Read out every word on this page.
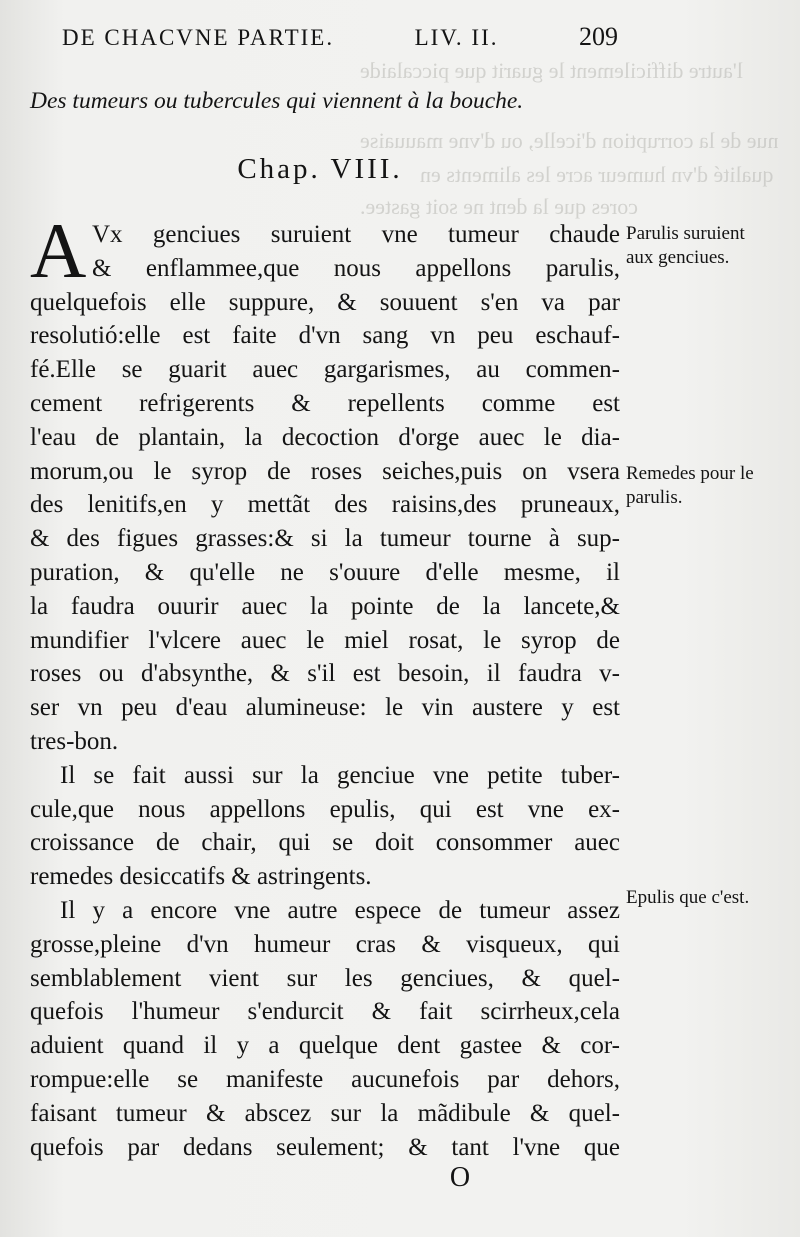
l'autre difficilement le guarit que piccalaide
nue de la corruption d'icelle, ou d'vne mauuaise
qualité d'vn humeur acre les aliments en
cores que la dent ne soit gastee.
DE CHACVNE PARTIE.	LIV. II.	209
Des tumeurs ou tubercules qui viennent à la bouche.
Chap. VIII.
A Vx genciues suruient vne tumeur chaude
& enflammee,que nous appellons parulis,
quelquefois elle suppure, & souuent s'en va par
resolutió:elle est faite d'vn sang vn peu eschauf-
fé.Elle se guarit auec gargarismes, au commen-
cement refrigerents & repellents comme est
l'eau de plantain, la decoction d'orge auec le dia-
morum,ou le syrop de roses seiches,puis on vsera
des lenitifs,en y mettãt des raisins,des pruneaux,
& des figues grasses:& si la tumeur tourne à sup-
puration, & qu'elle ne s'ouure d'elle mesme, il
la faudra ouurir auec la pointe de la lancete,&
mundifier l'vlcere auec le miel rosat, le syrop de
roses ou d'absynthe, & s'il est besoin, il faudra v-
ser vn peu d'eau alumineuse: le vin austere y est
tres-bon.
Il se fait aussi sur la genciue vne petite tuber-
cule,que nous appellons epulis, qui est vne ex-
croissance de chair, qui se doit consommer auec
remedes desiccatifs & astringents.
Il y a encore vne autre espece de tumeur assez
grosse,pleine d'vn humeur cras & visqueux, qui
semblablement vient sur les genciues, & quel-
quefois l'humeur s'endurcit & fait scirrheux,cela
aduient quand il y a quelque dent gastee & cor-
rompue:elle se manifeste aucunefois par dehors,
faisant tumeur & abscez sur la mãdibule & quel-
quefois par dedans seulement; & tant l'vne que
Parulis suruient aux genciues.
Remedes pour le parulis.
Epulis que c'est.
O
